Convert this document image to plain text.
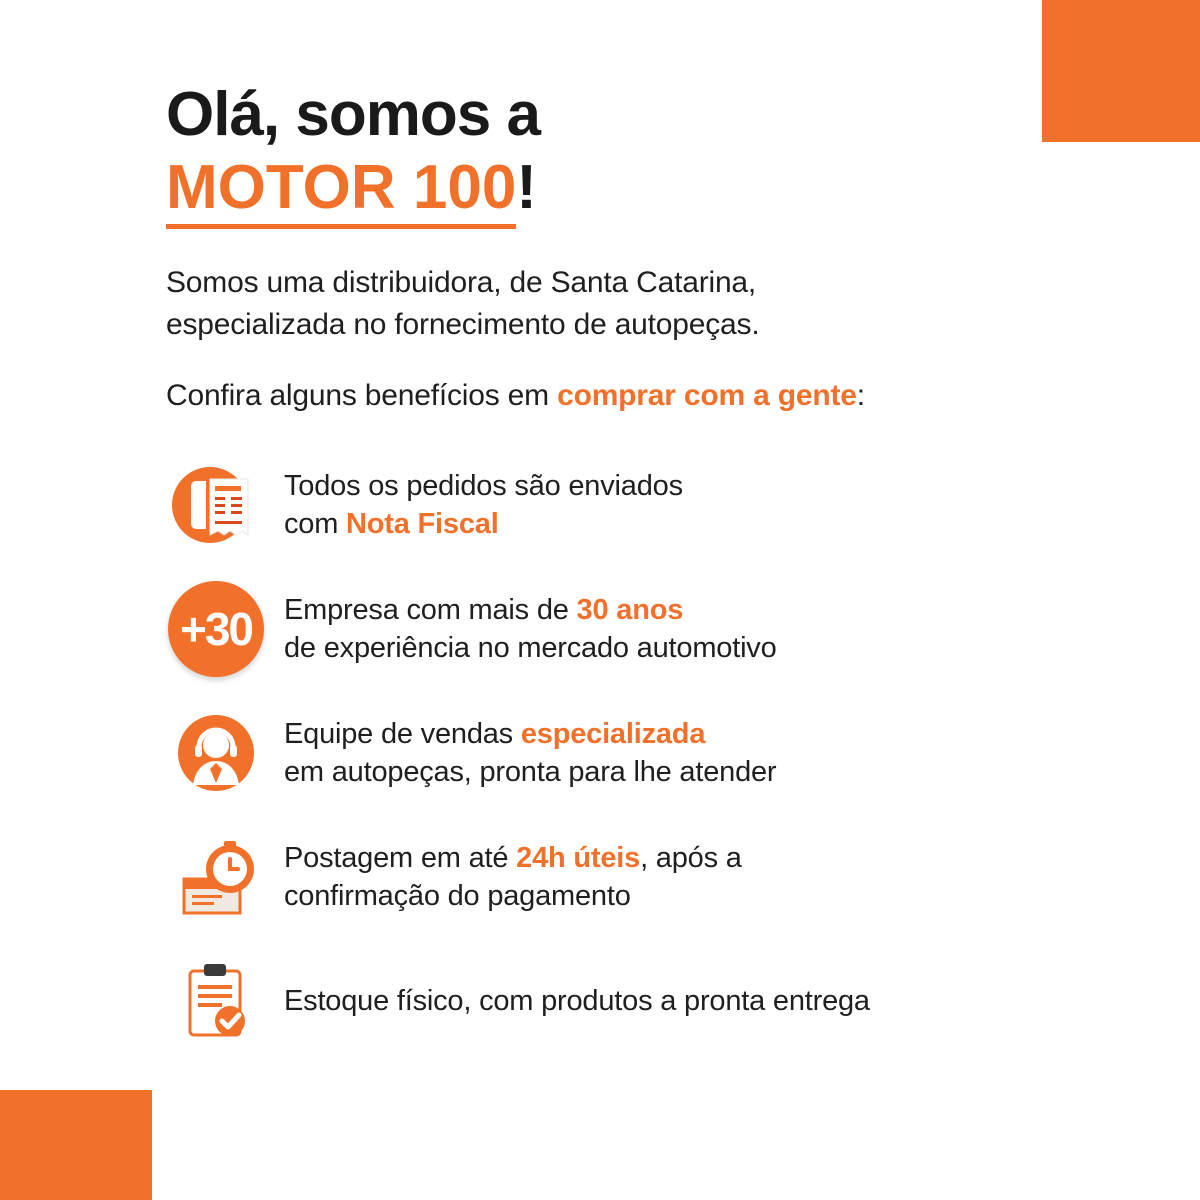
Olá, somos a
MOTOR 100!
Somos uma distribuidora, de Santa Catarina,
especializada no fornecimento de autopeças.
Confira alguns benefícios em comprar com a gente:
Todos os pedidos são enviados
com Nota Fiscal
+30	Empresa com mais de 30 anos
de experiência no mercado automotivo
Equipe de vendas especializada
em autopeças, pronta para lhe atender
Postagem em até 24h úteis, após a
confirmação do pagamento
Estoque físico, com produtos a pronta entrega
